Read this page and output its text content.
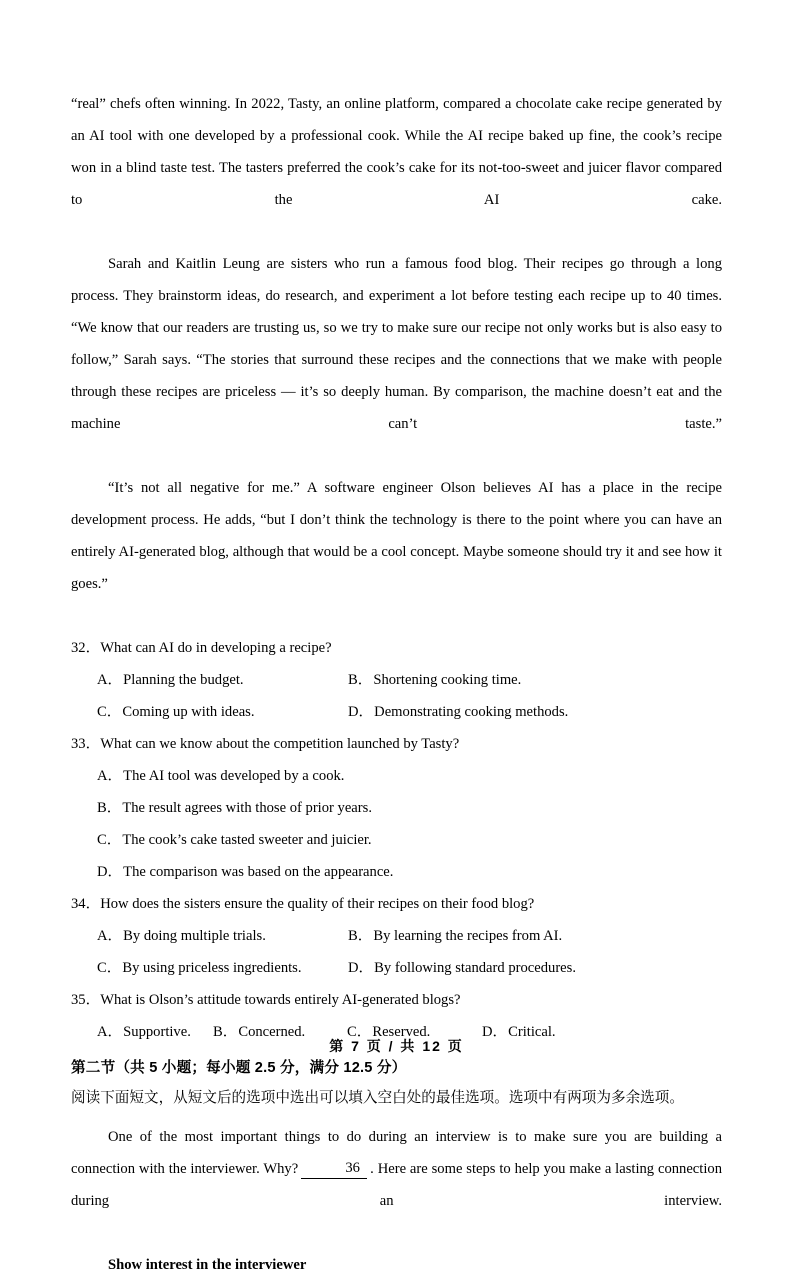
“real” chefs often winning. In 2022, Tasty, an online platform, compared a chocolate cake recipe generated by an AI tool with one developed by a professional cook. While the AI recipe baked up fine, the cook’s recipe won in a blind taste test. The tasters preferred the cook’s cake for its not-too-sweet and juicer flavor compared to the AI cake.

Sarah and Kaitlin Leung are sisters who run a famous food blog. Their recipes go through a long process. They brainstorm ideas, do research, and experiment a lot before testing each recipe up to 40 times. “We know that our readers are trusting us, so we try to make sure our recipe not only works but is also easy to follow,” Sarah says. “The stories that surround these recipes and the connections that we make with people through these recipes are priceless — it’s so deeply human. By comparison, the machine doesn’t eat and the machine can’t taste.”

“It’s not all negative for me.” A software engineer Olson believes AI has a place in the recipe development process. He adds, “but I don’t think the technology is there to the point where you can have an entirely AI-generated blog, although that would be a cool concept. Maybe someone should try it and see how it goes.”

32．What can AI do in developing a recipe?
A ． Planning the budget.	B ． Shortening cooking time.
C ． Coming up with ideas.	D ． Demonstrating cooking methods.
33．What can we know about the competition launched by Tasty?
A ． The AI tool was developed by a cook.
B ． The result agrees with those of prior years.
C ． The cook’s cake tasted sweeter and juicier.
D ． The comparison was based on the appearance.
34．How does the sisters ensure the quality of their recipes on their food blog?
A ． By doing multiple trials.	B ． By learning the recipes from AI.
C ． By using priceless ingredients.	D ． By following standard procedures.
35．What is Olson’s attitude towards entirely AI-generated blogs?
A ． Supportive. B ． Concerned.	C ． Reserved.	D ． Critical.
第二节（共 5 小题；每小题 2.5 分，满分 12.5 分）
阅读下面短文，从短文后的选项中选出可以填入空白处的最佳选项。选项中有两项为多余选项。

One of the most important things to do during an interview is to make sure you are building a connection with the interviewer. Why?	36 . Here are some steps to help you make a lasting connection during an interview.

Show interest in the interviewer
第 7 页 / 共 12 页
